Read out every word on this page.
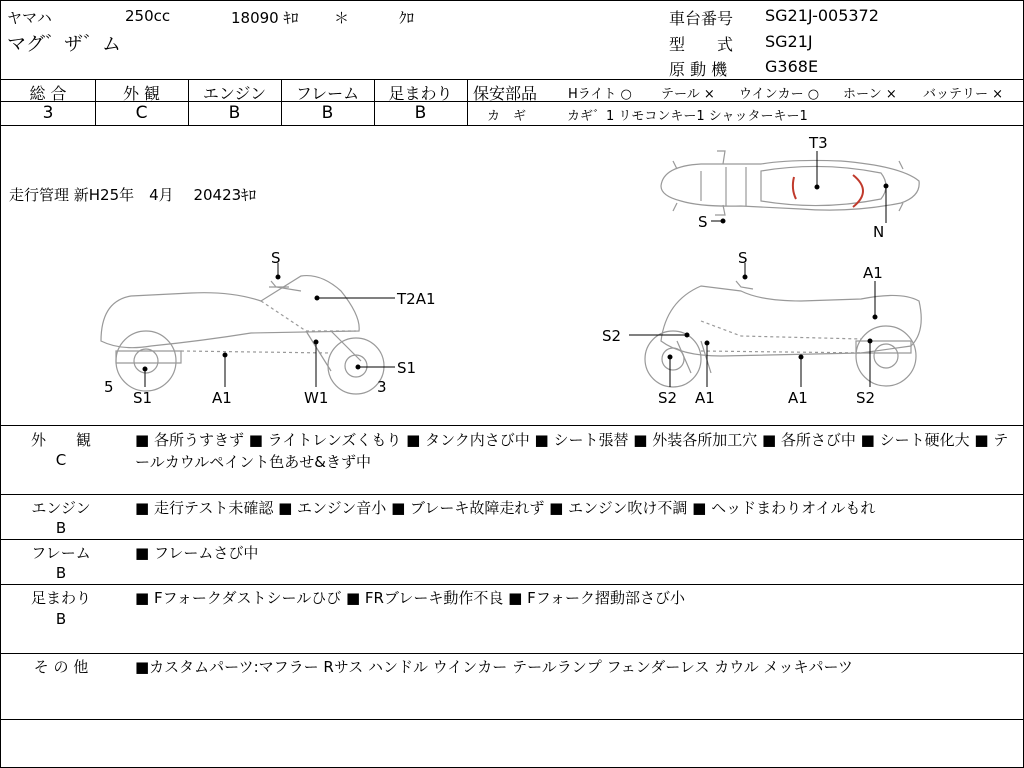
ヤマハ	250cc	18090 ｷﾛ ＊	ｸﾛ
マグ゛ザ゛ム
車台番号 SG21J-005372
型　　式 SG21J
原 動 機 G368E
総 合	外 観	エンジン	フレーム	足まわり
3	C	B	B	B
保安部品 Hライト ○ テール × ウインカー ○ ホーン × バッテリー ×
カ　ギ	カギ゛1 リモコンキー1 シャッターキー1
走行管理 新H25年　4月　 20423ｷﾛ
T3
S
N
S
T2A1
S1
5	3
S1	A1	W1
S
A1
S2
S2 A1	A1	S2
外　　観
C
■ 各所うすきず ■ ライトレンズくもり ■ タンク内さび中 ■ シート張替 ■ 外装各所加工穴 ■ 各所さび中 ■ シート硬化大 ■ テールカウルペイント色あせ&きず中
エンジン
B
■ 走行テスト未確認 ■ エンジン音小 ■ ブレーキ故障走れず ■ エンジン吹け不調 ■ ヘッドまわりオイルもれ
フレーム
B
■ フレームさび中
足まわり
B
■ Fフォークダストシールひび ■ FRブレーキ動作不良 ■ Fフォーク摺動部さび小
そ の 他	■カスタムパーツ:マフラー Rサス ハンドル ウインカー テールランプ フェンダーレス カウル メッキパーツ
